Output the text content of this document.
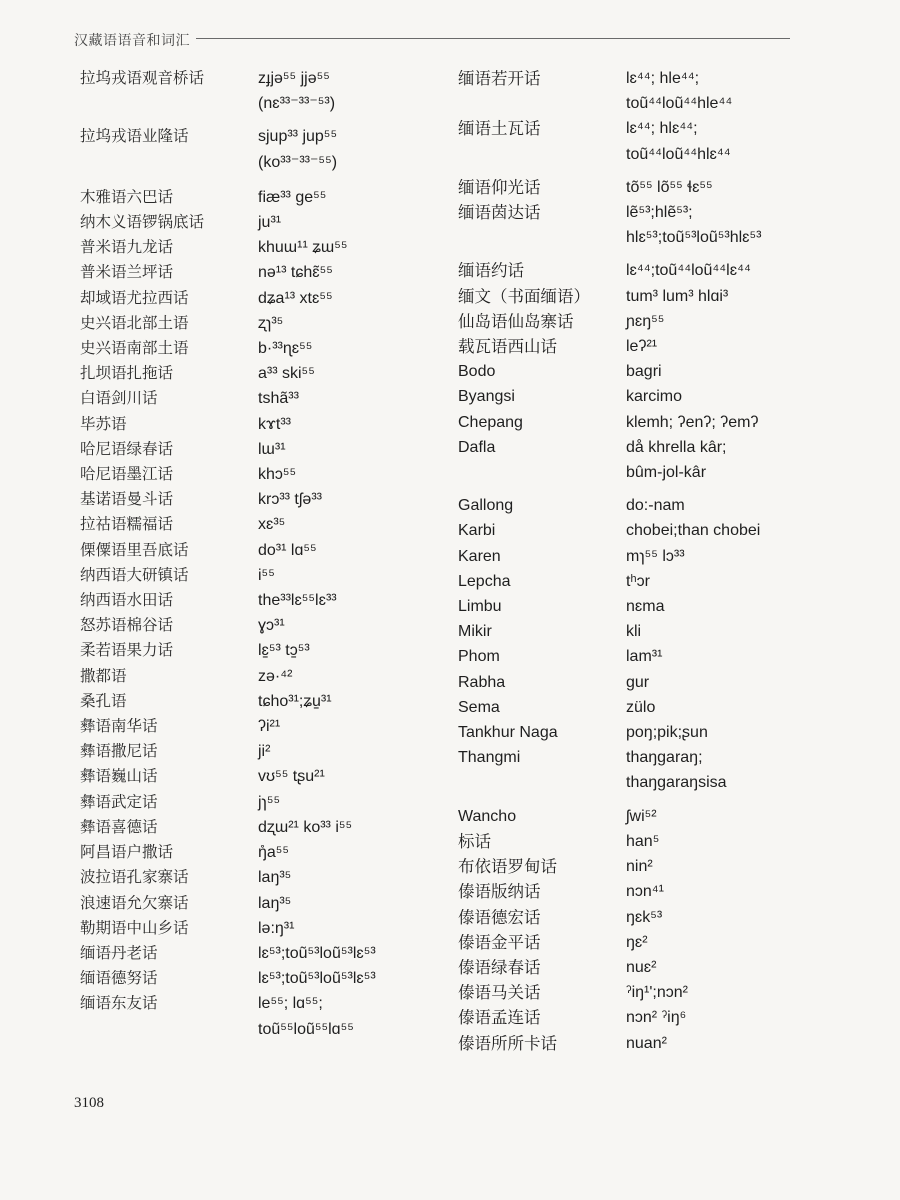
汉藏语语音和词汇
拉坞戎语观音桥话	zɟjə⁵⁵ jjə⁵⁵
(nɛ³³⁻³³⁻⁵³)
拉坞戎语业隆话	sjup³³ jup⁵⁵
(ko³³⁻³³⁻⁵⁵)
木雅语六巴话	fiæ³³ ɡe⁵⁵
纳木义语锣锅底话	ju³¹
普米语九龙话	khuɯ¹¹ ʑɯ⁵⁵
普米语兰坪话	nə¹³ tɕhɛ̃⁵⁵
却域语尤拉西话	dʑa¹³ xtɛ⁵⁵
史兴语北部土语	ʐɿ³⁵
史兴语南部土语	b·³³ɳɛ⁵⁵
扎坝语扎拖话	a³³ ski⁵⁵
白语剑川话	tshã³³
毕苏语	kɤt³³
哈尼语绿春话	lɯ³¹
哈尼语墨江话	khɔ⁵⁵
基诺语曼斗话	krɔ³³ tʃə³³
拉祜语糯福话	xɛ³⁵
傈僳语里吾底话	do³¹ lɑ⁵⁵
纳西语大研镇话	i⁵⁵
纳西语水田话	the³³lɛ⁵⁵lɛ³³
怒苏语棉谷话	ɣɔ³¹
柔若语果力话	lɛ̠⁵³ tɔ̠⁵³
撒都语	zə·⁴²
桑孔语	tɕho³¹;ʑu̠³¹
彝语南华话	ʔi²¹
彝语撒尼话	ji²
彝语巍山话	vʊ⁵⁵ tʂu²¹
彝语武定话	jɿ⁵⁵
彝语喜德话	dʐɯ²¹ ko³³ i⁵⁵
阿昌语户撒话	ŋ̊a⁵⁵
波拉语孔家寨话	laŋ³⁵
浪速语允欠寨话	laŋ³⁵
勒期语中山乡话	lə:ŋ³¹
缅语丹老话	lɛ⁵³;toũ⁵³loũ⁵³lɛ⁵³
缅语德努话	lɛ⁵³;toũ⁵³loũ⁵³lɛ⁵³
缅语东友话	le⁵⁵; lɑ⁵⁵;
toũ⁵⁵loũ⁵⁵lɑ⁵⁵
缅语若开话	lɛ⁴⁴; hle⁴⁴;
toũ⁴⁴loũ⁴⁴hle⁴⁴
缅语土瓦话	lɛ⁴⁴; hlɛ⁴⁴;
toũ⁴⁴loũ⁴⁴hlɛ⁴⁴
缅语仰光话	tõ⁵⁵ lõ⁵⁵ ɬɛ⁵⁵
缅语茵达话	lẽ⁵³;hlẽ⁵³;
hlɛ⁵³;toũ⁵³loũ⁵³hlɛ⁵³
缅语约话	lɛ⁴⁴;toũ⁴⁴loũ⁴⁴lɛ⁴⁴
缅文（书面缅语）	tum³ lum³ hlɑi³
仙岛语仙岛寨话	ɲɛŋ⁵⁵
载瓦语西山话	leʔ²¹
Bodo	bagri
Byangsi	karcimo
Chepang	klemh; ʔenʔ; ʔemʔ
Dafla	då khrella kâr;
bûm-jol-kâr
Gallong	do:-nam
Karbi	chobei;than chobei
Karen	mɿ⁵⁵ lɔ³³
Lepcha	tʰɔr
Limbu	nɛma
Mikir	kli
Phom	lam³¹
Rabha	gur
Sema	zülo
Tankhur Naga	poŋ;pik;ʂun
Thangmi	thaŋgaraŋ;
thaŋgaraŋsisa
Wancho	ʃwi⁵²
标话	han⁵
布依语罗甸话	nin²
傣语版纳话	nɔn⁴¹
傣语德宏话	ŋɛk⁵³
傣语金平话	ŋɛ²
傣语绿春话	nuɛ²
傣语马关话	ˀiŋ¹';nɔn²
傣语孟连话	nɔn² ˀiŋ⁶
傣语所所卡话	nuan²
3108
